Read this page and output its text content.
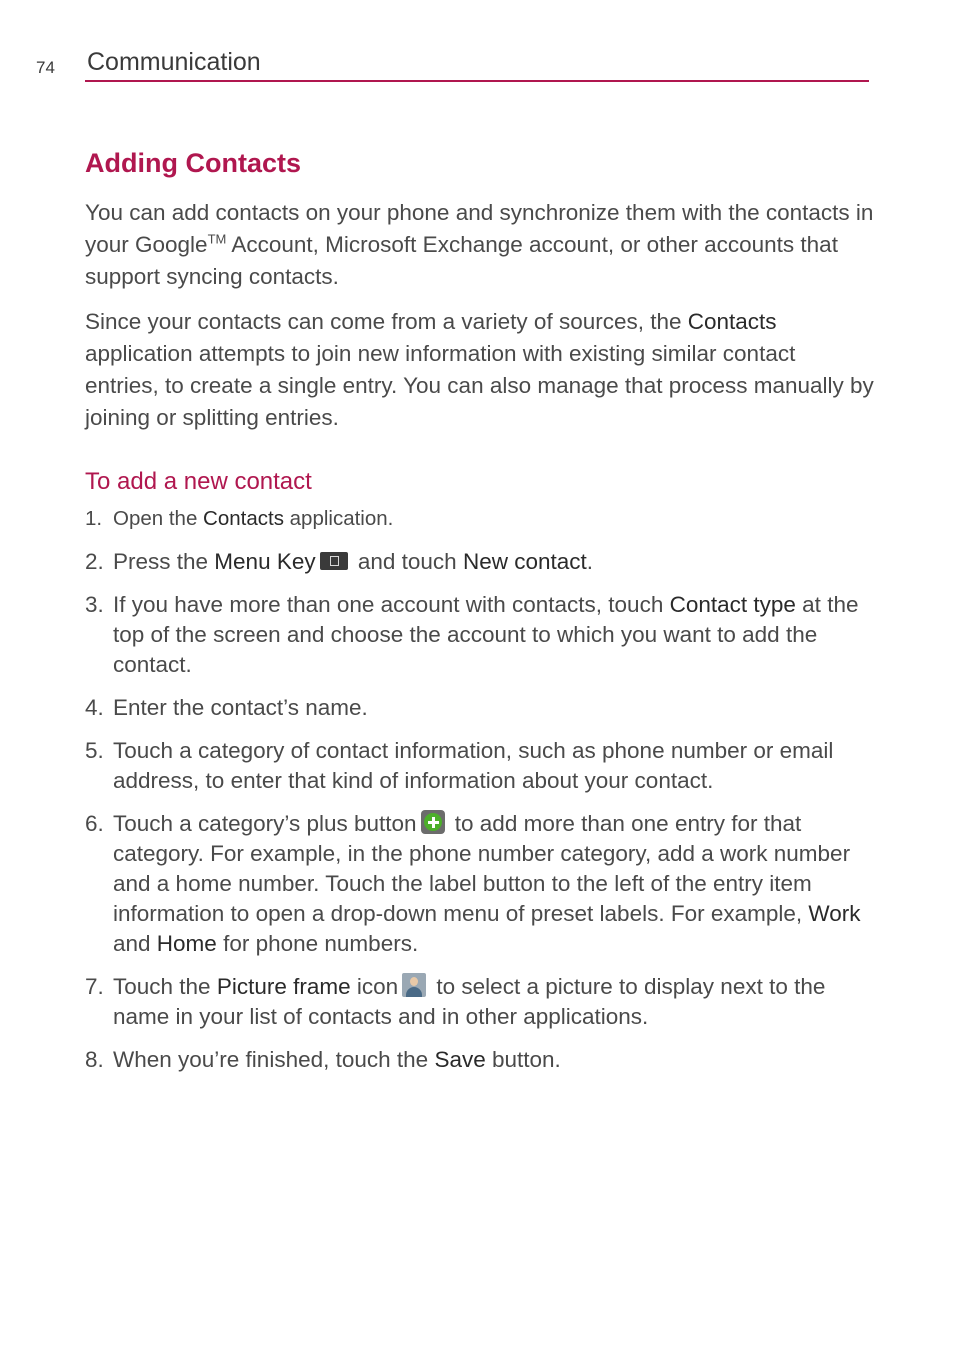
74 Communication
Adding Contacts

You can add contacts on your phone and synchronize them with the contacts in your Google™ Account, Microsoft Exchange account, or other accounts that support syncing contacts.

Since your contacts can come from a variety of sources, the Contacts application attempts to join new information with existing similar contact entries, to create a single entry. You can also manage that process manually by joining or splitting entries.

To add a new contact
1. Open the Contacts application.
2. Press the Menu Key and touch New contact.
3. If you have more than one account with contacts, touch Contact type at the top of the screen and choose the account to which you want to add the contact.
4. Enter the contact’s name.
5. Touch a category of contact information, such as phone number or email address, to enter that kind of information about your contact.
6. Touch a category’s plus button
to add more than one entry for that category. For example, in the phone number category, add a work number and a home number. Touch the label button to the left of the entry item information to open a drop-down menu of preset labels. For example, Work and Home for phone numbers.
7. Touch the Picture frame icon to select a picture to display next to the name in your list of contacts and in other applications.
8. When you’re finished, touch the Save button.
